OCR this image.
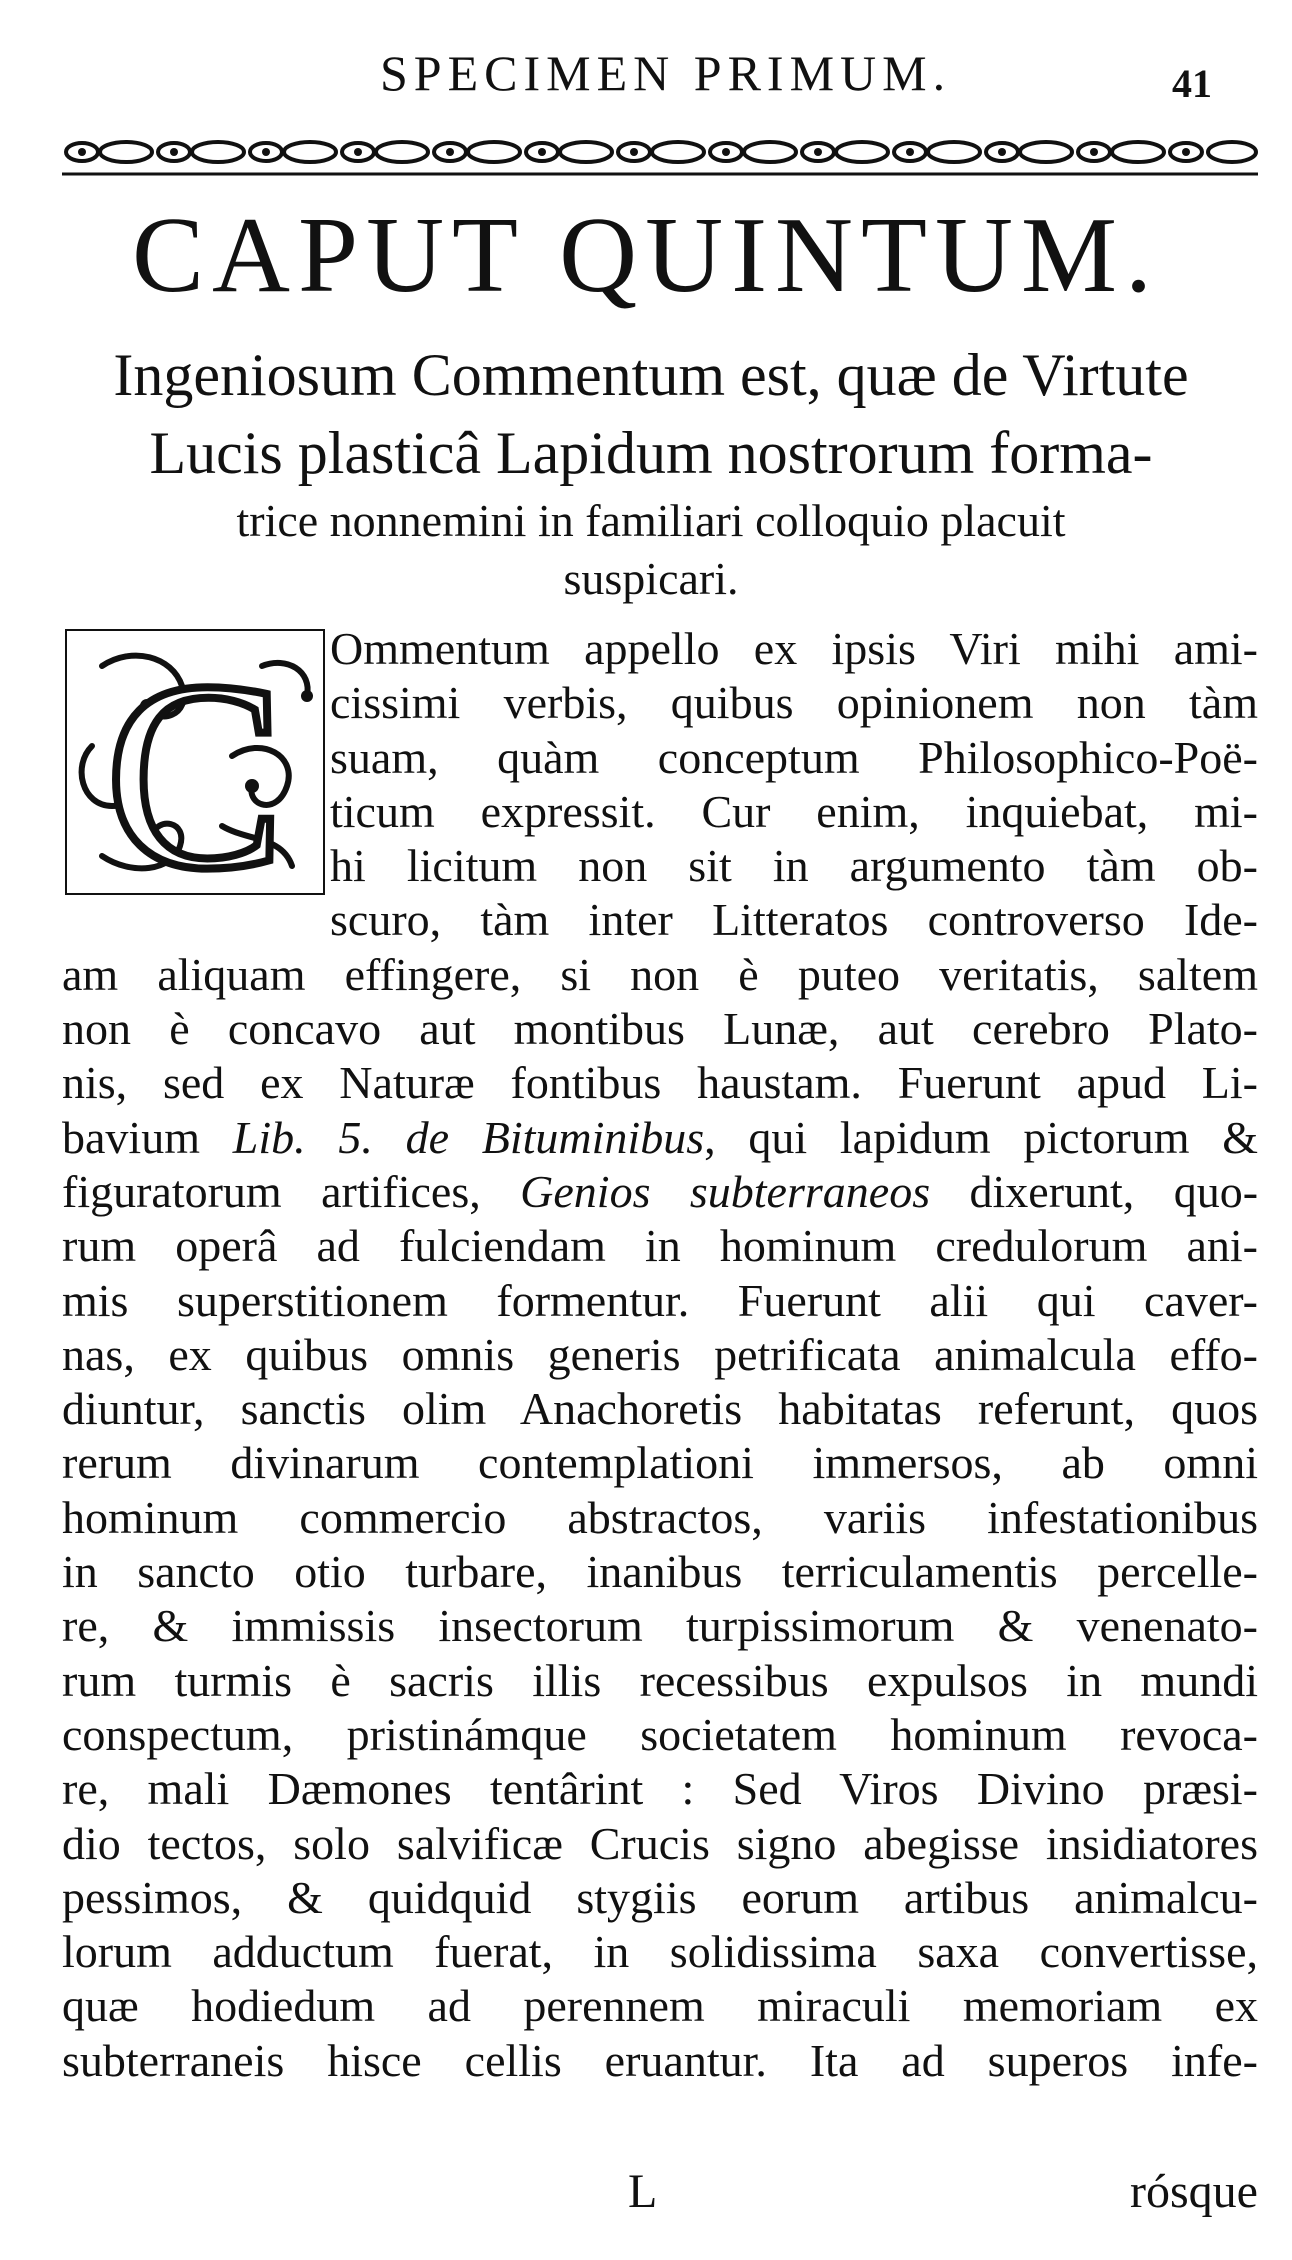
SPECIMEN PRIMUM.	41
CAPUT QUINTUM.
Ingeniosum Commentum est, quæ de Virtute
Lucis plasticâ Lapidum nostrorum forma-
trice nonnemini in familiari colloquio placuit
suspicari.
C Ommentum appello ex ipsis Viri mihi ami-
cissimi verbis, quibus opinionem non tàm
suam, quàm conceptum Philosophico-Poë-
ticum expressit. Cur enim, inquiebat, mi-
hi licitum non sit in argumento tàm ob-
scuro, tàm inter Litteratos controverso Ide-
am aliquam effingere, si non è puteo veritatis, saltem
non è concavo aut montibus Lunæ, aut cerebro Plato-
nis, sed ex Naturæ fontibus haustam. Fuerunt apud Li-
bavium Lib. 5. de Bituminibus, qui lapidum pictorum &
figuratorum artifices, Genios subterraneos dixerunt, quo-
rum operâ ad fulciendam in hominum credulorum ani-
mis superstitionem formentur. Fuerunt alii qui caver-
nas, ex quibus omnis generis petrificata animalcula effo-
diuntur, sanctis olim Anachoretis habitatas referunt, quos
rerum divinarum contemplationi immersos, ab omni
hominum commercio abstractos, variis infestationibus
in sancto otio turbare, inanibus terriculamentis percelle-
re, & immissis insectorum turpissimorum & venenato-
rum turmis è sacris illis recessibus expulsos in mundi
conspectum, pristinámque societatem hominum revoca-
re, mali Dæmones tentârint : Sed Viros Divino præsi-
dio tectos, solo salvificæ Crucis signo abegisse insidiatores
pessimos, & quidquid stygiis eorum artibus animalcu-
lorum adductum fuerat, in solidissima saxa convertisse,
quæ hodiedum ad perennem miraculi memoriam ex
subterraneis hisce cellis eruantur. Ita ad superos infe-
L	rósque
